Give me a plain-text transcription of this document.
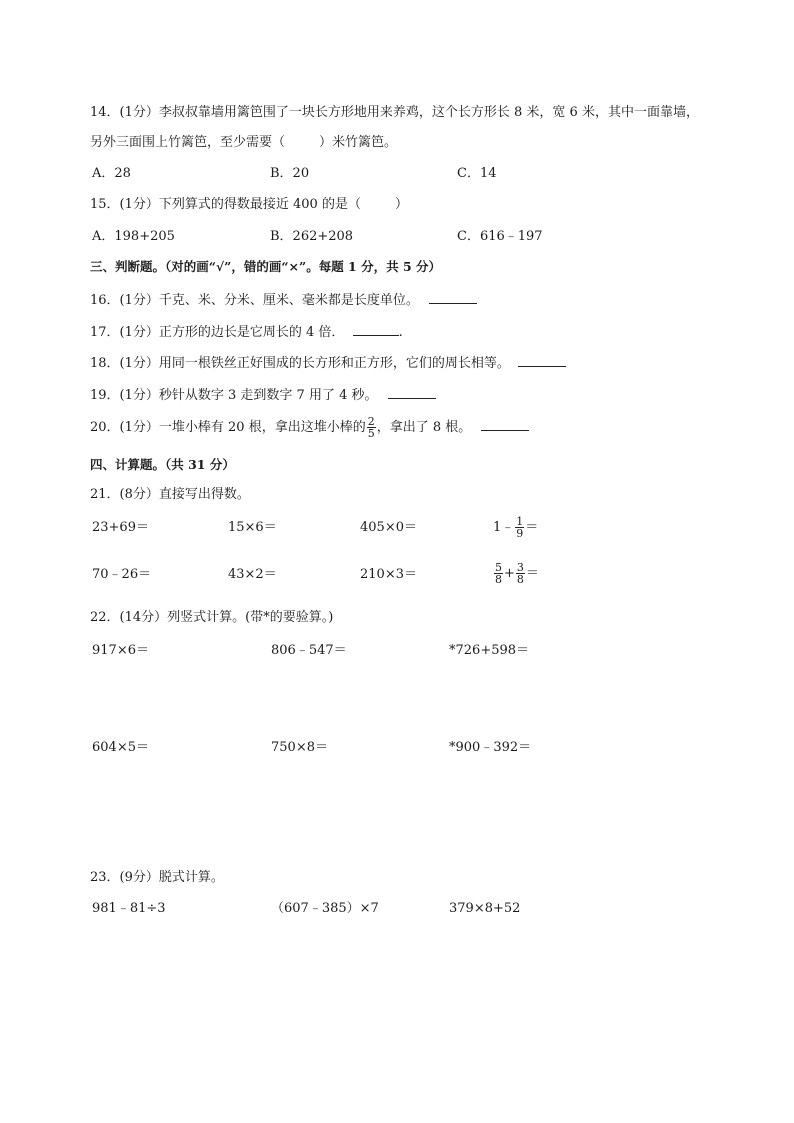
14．(1分）李叔叔靠墙用篱笆围了一块长方形地用来养鸡，这个长方形长 8 米，宽 6 米，其中一面靠墙，
另外三面围上竹篱笆，至少需要（	）米竹篱笆。
A．28	B．20	C．14
15．(1分）下列算式的得数最接近 400 的是（	）
A．198+205	B．262+208	C．616﹣197
三、判断题。（对的画“√”，错的画“×”。每题 1 分，共 5 分）
16．(1分）千克、米、分米、厘米、毫米都是长度单位。
17．(1分）正方形的边长是它周长的 4 倍．	.
18．(1分）用同一根铁丝正好围成的长方形和正方形，它们的周长相等。
19．(1分）秒针从数字 3 走到数字 7 用了 4 秒。
20．(1分）一堆小棒有 20 根，拿出这堆小棒的 $\frac{2}{5}$ ，拿出了 8 根。
四、计算题。（共 31 分）
21．(8分）直接写出得数。
23+69＝	15×6＝	405×0＝	1﹣ $\frac{1}{9}$ ＝
70﹣26＝	43×2＝	210×3＝	$\frac{5}{8} + \frac{3}{8}$ ＝
22．(14分）列竖式计算。(带*的要验算。)
917×6＝	806﹣547＝	*726+598＝
604×5＝	750×8＝	*900﹣392＝
23．(9分）脱式计算。
981﹣81÷3	（607﹣385）×7	379×8+52
